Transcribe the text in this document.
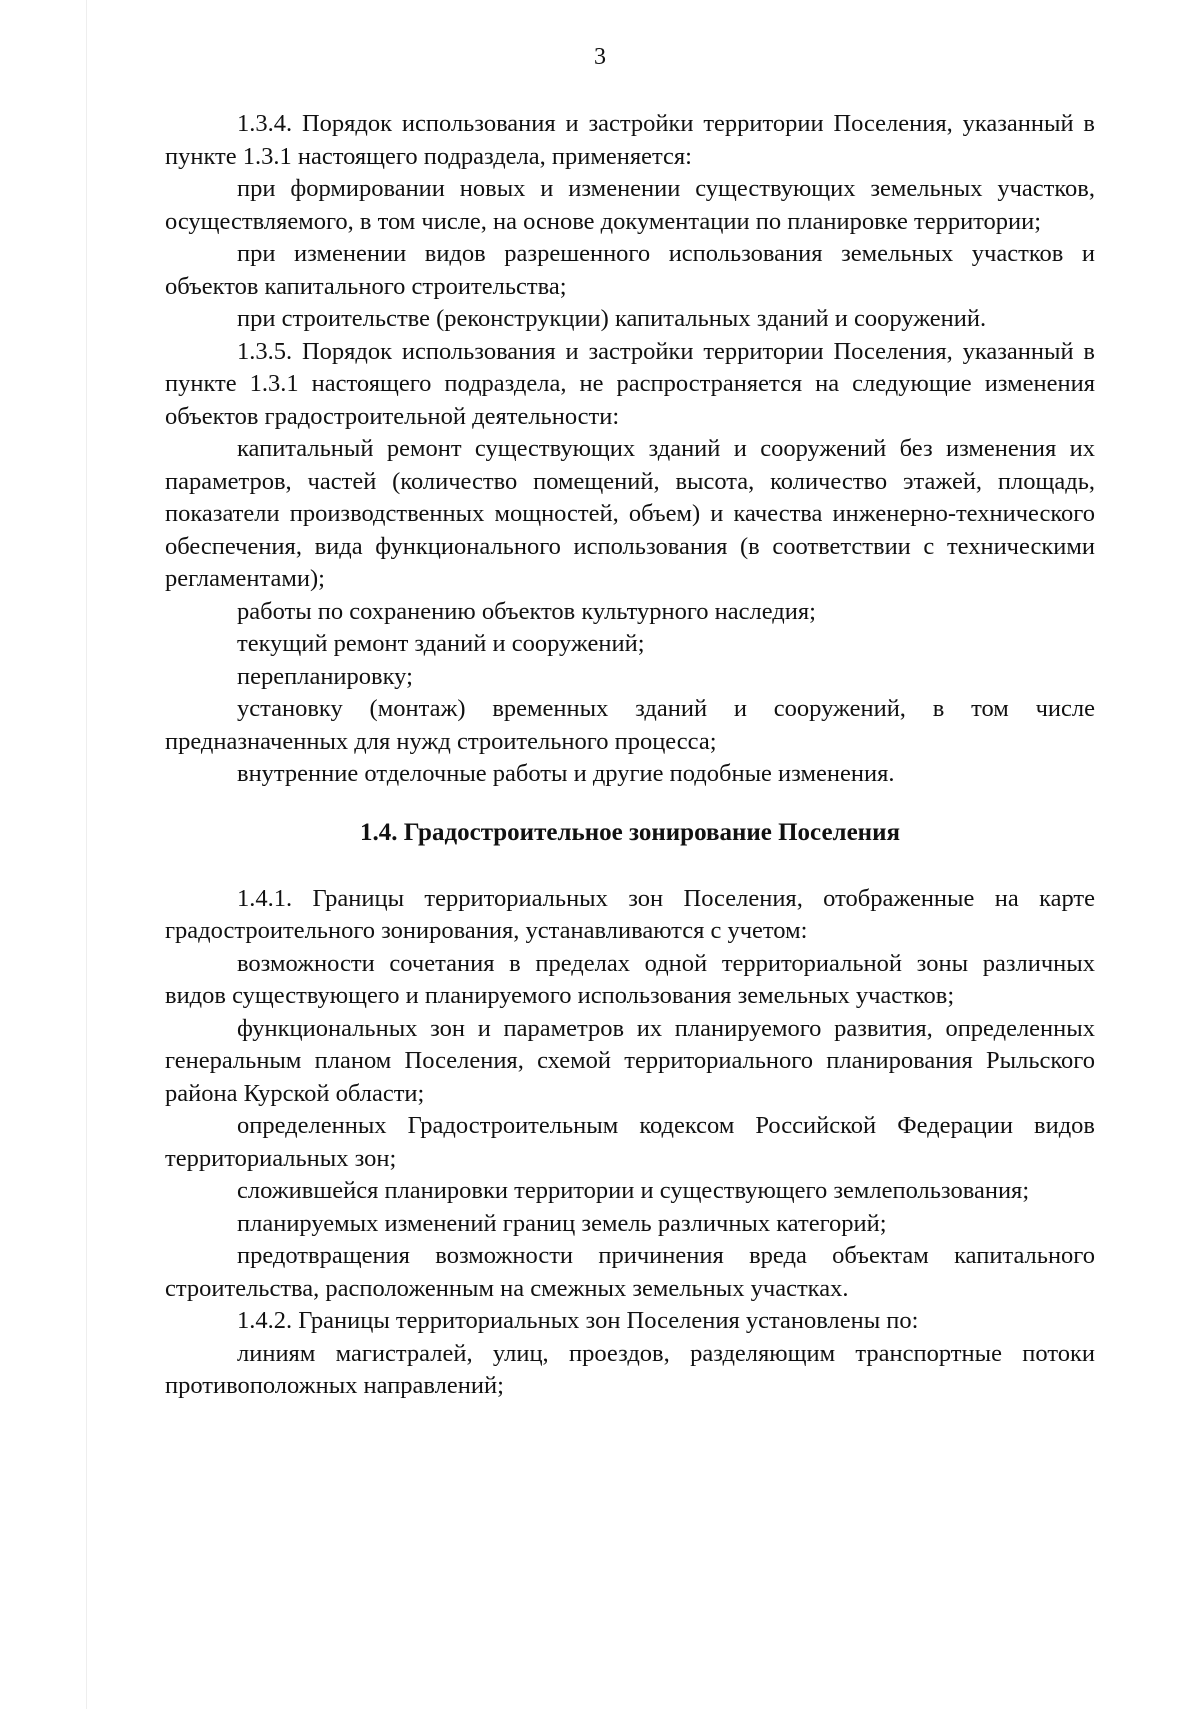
3

1.3.4. Порядок использования и застройки территории Поселения, указанный в пункте 1.3.1 настоящего подраздела, применяется:

при формировании новых и изменении существующих земельных участков, осуществляемого, в том числе, на основе документации по планировке территории;

при изменении видов разрешенного использования земельных участков и объектов капитального строительства;

при строительстве (реконструкции) капитальных зданий и сооружений.

1.3.5. Порядок использования и застройки территории Поселения, указанный в пункте 1.3.1 настоящего подраздела, не распространяется на следующие изменения объектов градостроительной деятельности:

капитальный ремонт существующих зданий и сооружений без изменения их параметров, частей (количество помещений, высота, количество этажей, площадь, показатели производственных мощностей, объем) и качества инженерно-технического обеспечения, вида функционального использования (в соответствии с техническими регламентами);

работы по сохранению объектов культурного наследия;

текущий ремонт зданий и сооружений;

перепланировку;

установку (монтаж) временных зданий и сооружений, в том числе предназначенных для нужд строительного процесса;

внутренние отделочные работы и другие подобные изменения.

1.4. Градостроительное зонирование Поселения

1.4.1. Границы территориальных зон Поселения, отображенные на карте градостроительного зонирования, устанавливаются с учетом:

возможности сочетания в пределах одной территориальной зоны различных видов существующего и планируемого использования земельных участков;

функциональных зон и параметров их планируемого развития, определенных генеральным планом Поселения, схемой территориального планирования Рыльского района Курской области;

определенных Градостроительным кодексом Российской Федерации видов территориальных зон;

сложившейся планировки территории и существующего землепользования;

планируемых изменений границ земель различных категорий;

предотвращения возможности причинения вреда объектам капитального строительства, расположенным на смежных земельных участках.

1.4.2. Границы территориальных зон Поселения установлены по:

линиям магистралей, улиц, проездов, разделяющим транспортные потоки противоположных направлений;
